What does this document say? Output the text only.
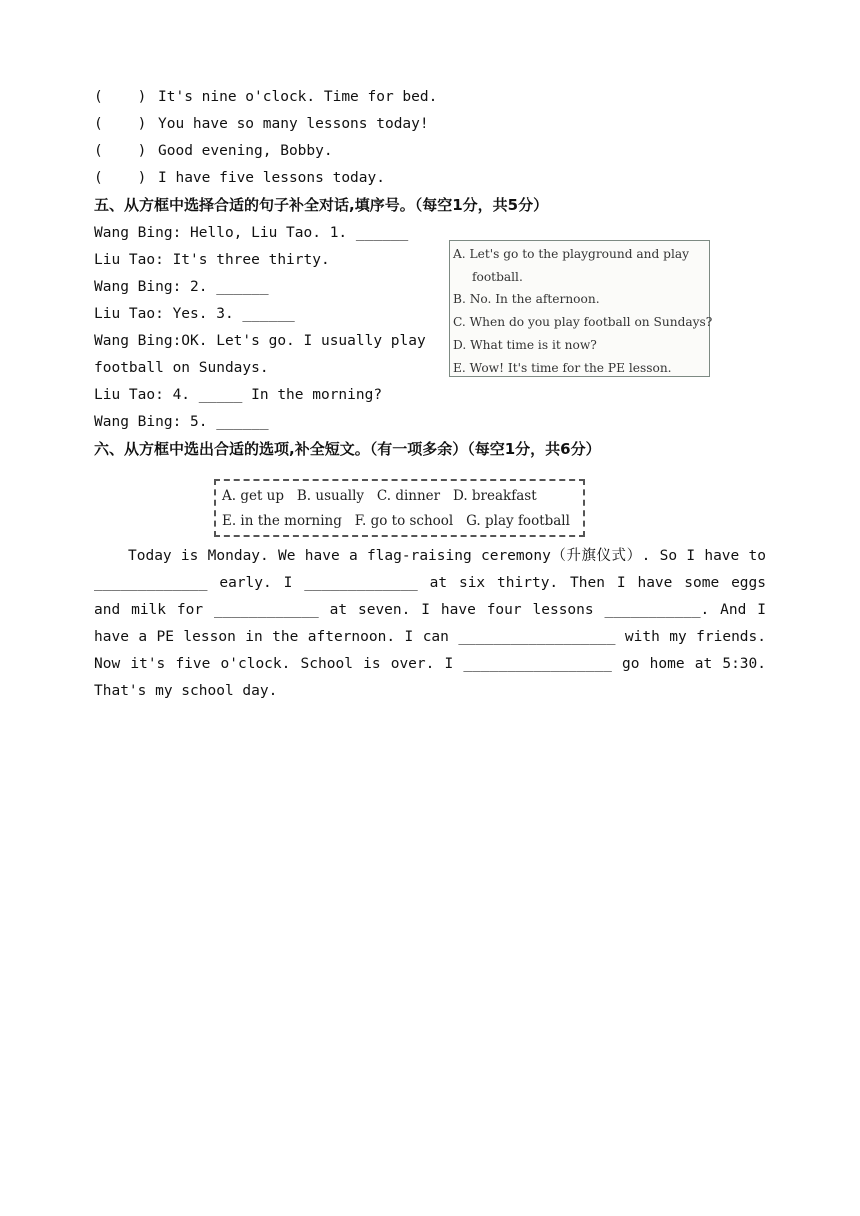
(    ) It's nine o'clock. Time for bed.
(    ) You have so many lessons today!
(    ) Good evening, Bobby.
(    ) I have five lessons today.
五、从方框中选择合适的句子补全对话,填序号。（每空1分，共5分）
Wang Bing: Hello, Liu Tao. 1. ______
Liu Tao: It's three thirty.
Wang Bing: 2. ______
Liu Tao: Yes. 3. ______
Wang Bing:OK. Let's go. I usually play
football on Sundays.
Liu Tao: 4. _____ In the morning?
Wang Bing: 5. ______
A. Let's go to the playground and play
football.
B. No. In the afternoon.
C. When do you play football on Sundays?
D. What time is it now?
E. Wow! It's time for the PE lesson.
六、从方框中选出合适的选项,补全短文。（有一项多余）（每空1分，共6分）
A. get up   B. usually   C. dinner   D. breakfast
E. in the morning   F. go to school   G. play football
Today is Monday. We have a flag-raising ceremony（升旗仪式）. So I have to _____________ early. I _____________ at six thirty. Then I have some eggs and milk for ____________ at seven. I have four lessons ___________. And I have a PE lesson in the afternoon. I can __________________ with my friends. Now it's five o'clock. School is over. I _________________ go home at 5:30. That's my school day.
